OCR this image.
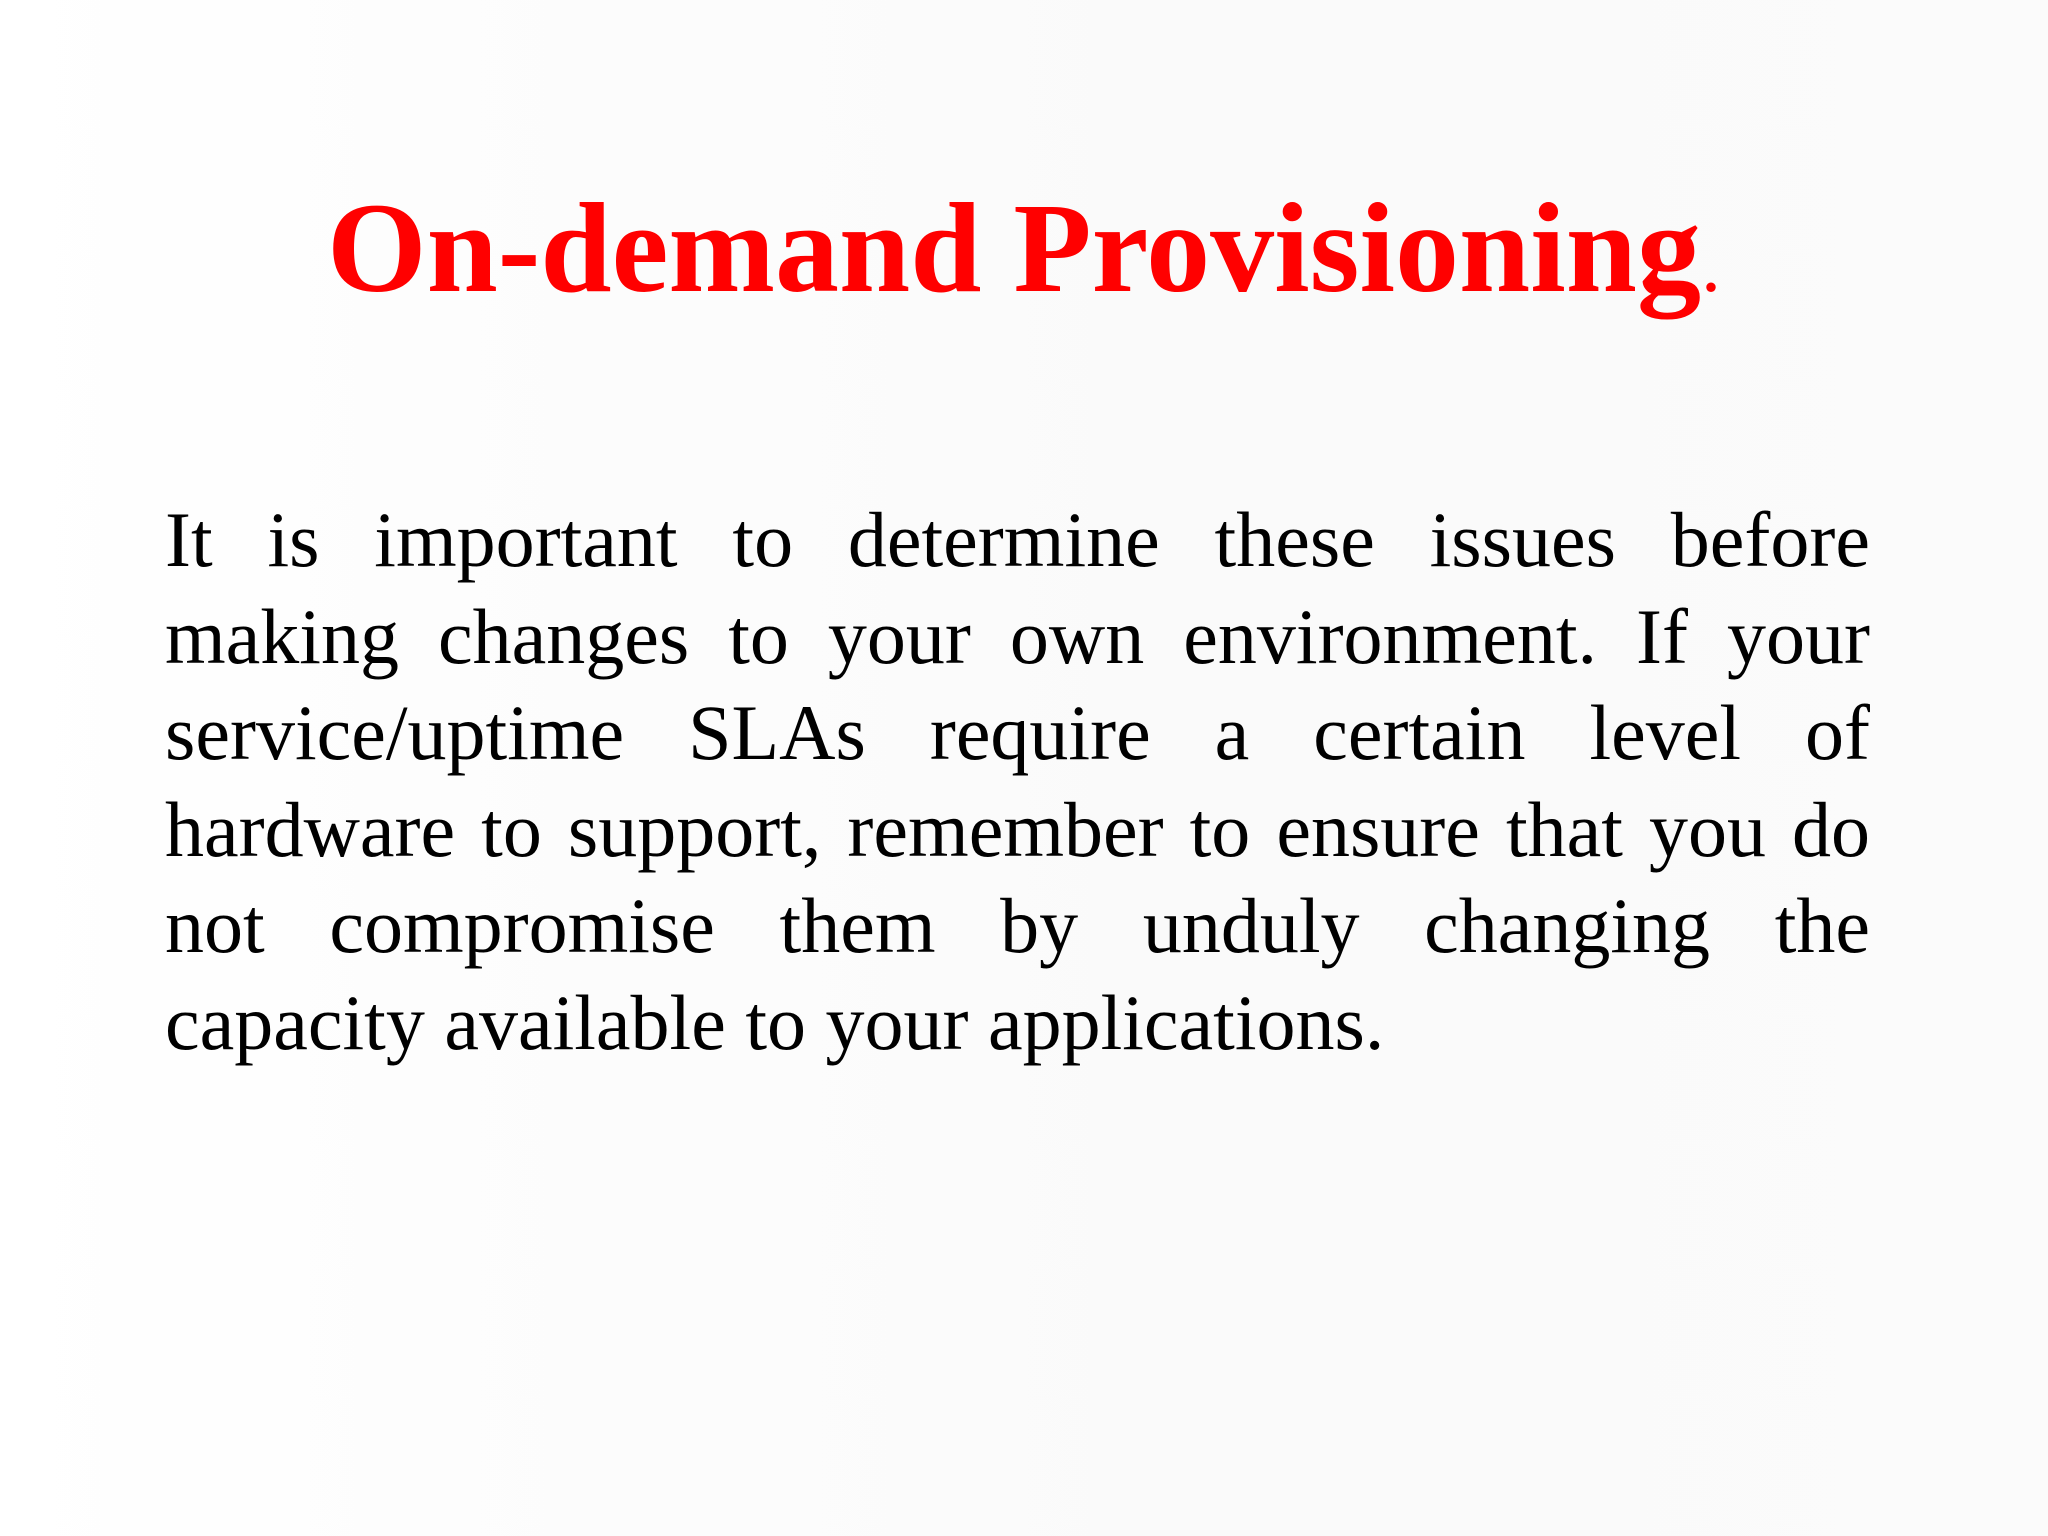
On-demand Provisioning.

It is important to determine these issues before making changes to your own environment. If your service/uptime SLAs require a certain level of hardware to support, remember to ensure that you do not compromise them by unduly changing the capacity available to your applications.
